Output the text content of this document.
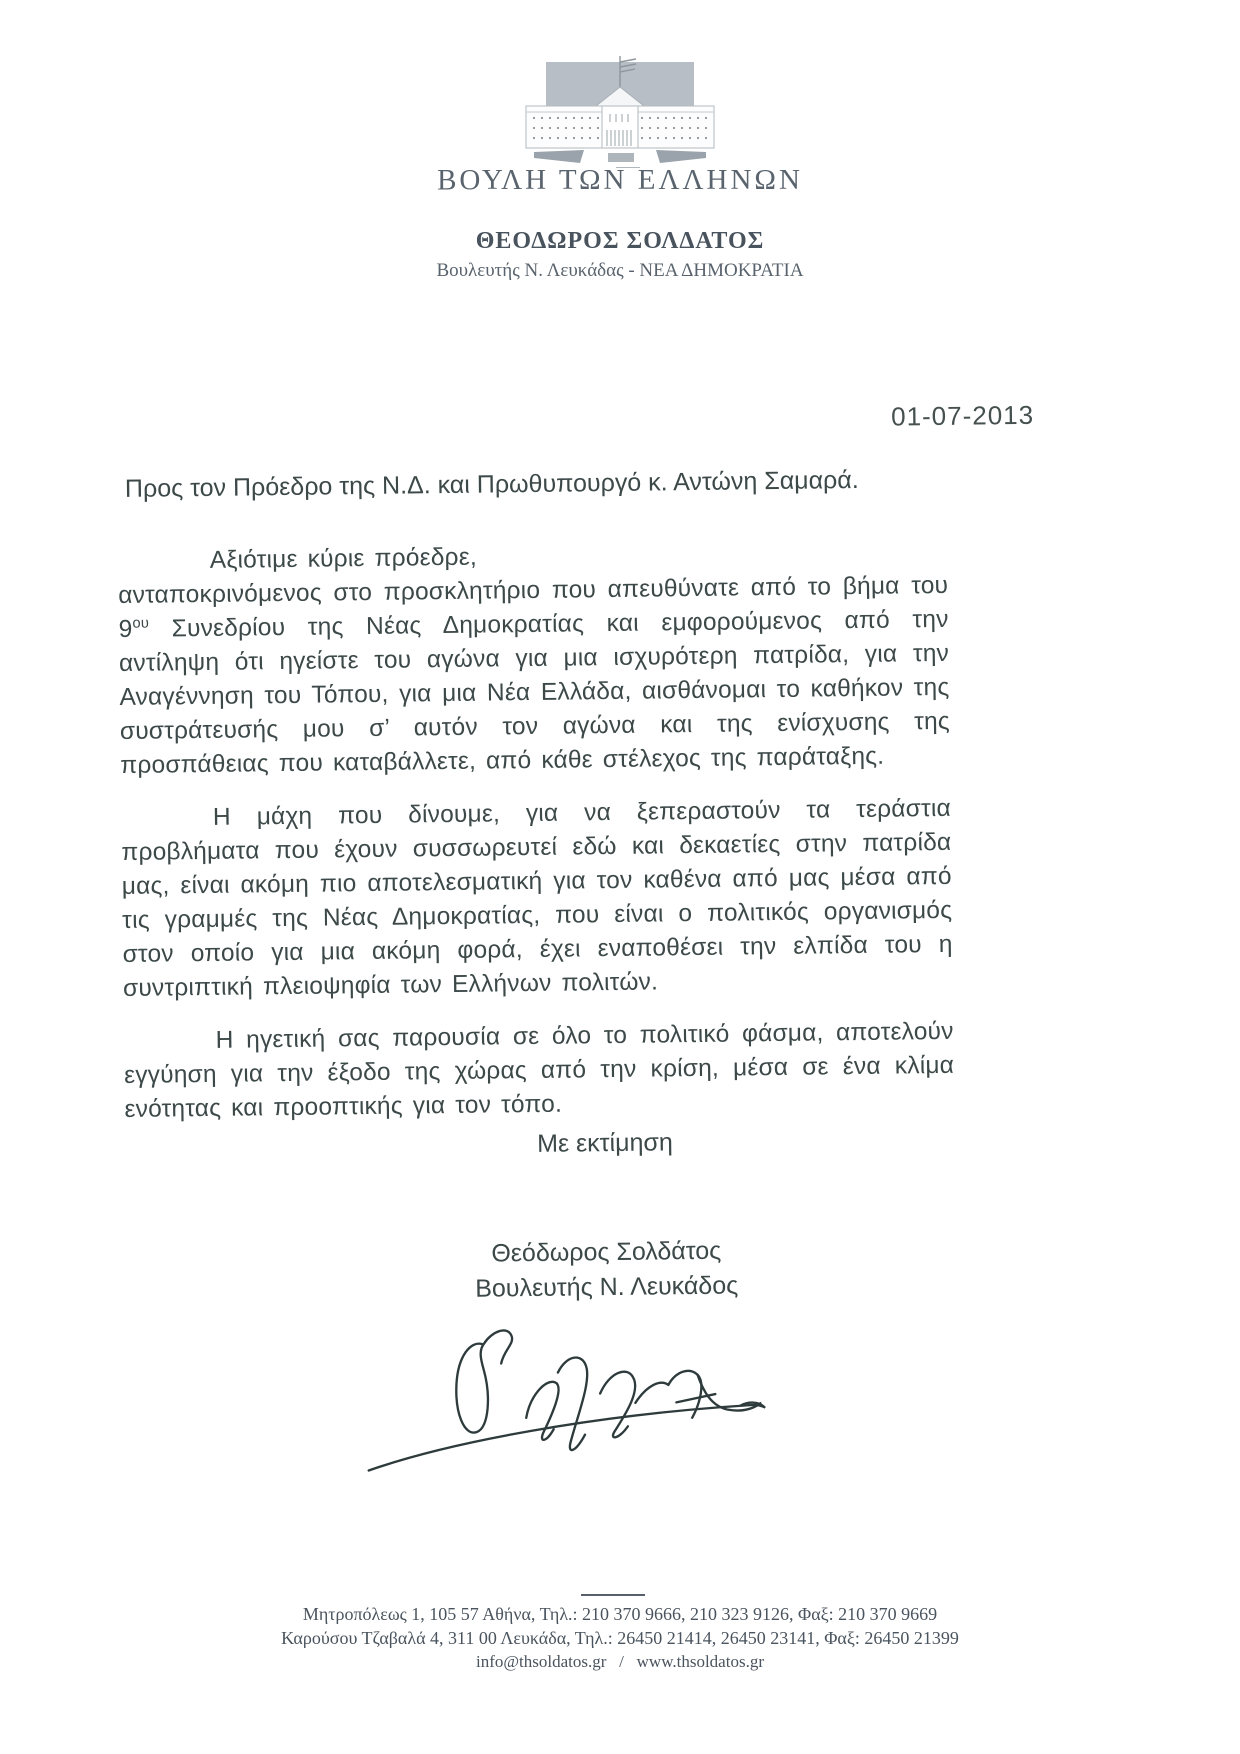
ΒΟΥΛΗ ΤΩΝ ΕΛΛΗΝΩΝ
ΘΕΟΔΩΡΟΣ ΣΟΛΔΑΤΟΣ
Βουλευτής Ν. Λευκάδας - ΝΕΑ ΔΗΜΟΚΡΑΤΙΑ
01-07-2013
Προς τον Πρόεδρο της Ν.Δ. και Πρωθυπουργό κ. Αντώνη Σαμαρά.
Αξιότιμε κύριε πρόεδρε,

ανταποκρινόμενος στο προσκλητήριο που απευθύνατε από το βήμα του $9^{o\upsilon}$ Συνεδρίου της Νέας Δημοκρατίας και εμφορούμενος από την αντίληψη ότι ηγείστε του αγώνα για μια ισχυρότερη πατρίδα, για την Αναγέννηση του Τόπου, για μια Νέα Ελλάδα, αισθάνομαι το καθήκον της συστράτευσής μου σ’ αυτόν τον αγώνα και της ενίσχυσης της προσπάθειας που καταβάλλετε, από κάθε στέλεχος της παράταξης.

Η μάχη που δίνουμε, για να ξεπεραστούν τα τεράστια προβλήματα που έχουν συσσωρευτεί εδώ και δεκαετίες στην πατρίδα μας, είναι ακόμη πιο αποτελεσματική για τον καθένα από μας μέσα από τις γραμμές της Νέας Δημοκρατίας, που είναι ο πολιτικός οργανισμός στον οποίο για μια ακόμη φορά, έχει εναποθέσει την ελπίδα του η συντριπτική πλειοψηφία των Ελλήνων πολιτών.

Η ηγετική σας παρουσία σε όλο το πολιτικό φάσμα, αποτελούν εγγύηση για την έξοδο της χώρας από την κρίση, μέσα σε ένα κλίμα ενότητας και προοπτικής για τον τόπο.

Με εκτίμηση
Θεόδωρος Σολδάτος
Βουλευτής Ν. Λευκάδος
Μητροπόλεως 1, 105 57 Αθήνα, Τηλ.: 210 370 9666, 210 323 9126, Φαξ: 210 370 9669
Καρούσου Τζαβαλά 4, 311 00 Λευκάδα, Τηλ.: 26450 21414, 26450 23141, Φαξ: 26450 21399
info@thsoldatos.gr / www.thsoldatos.gr
